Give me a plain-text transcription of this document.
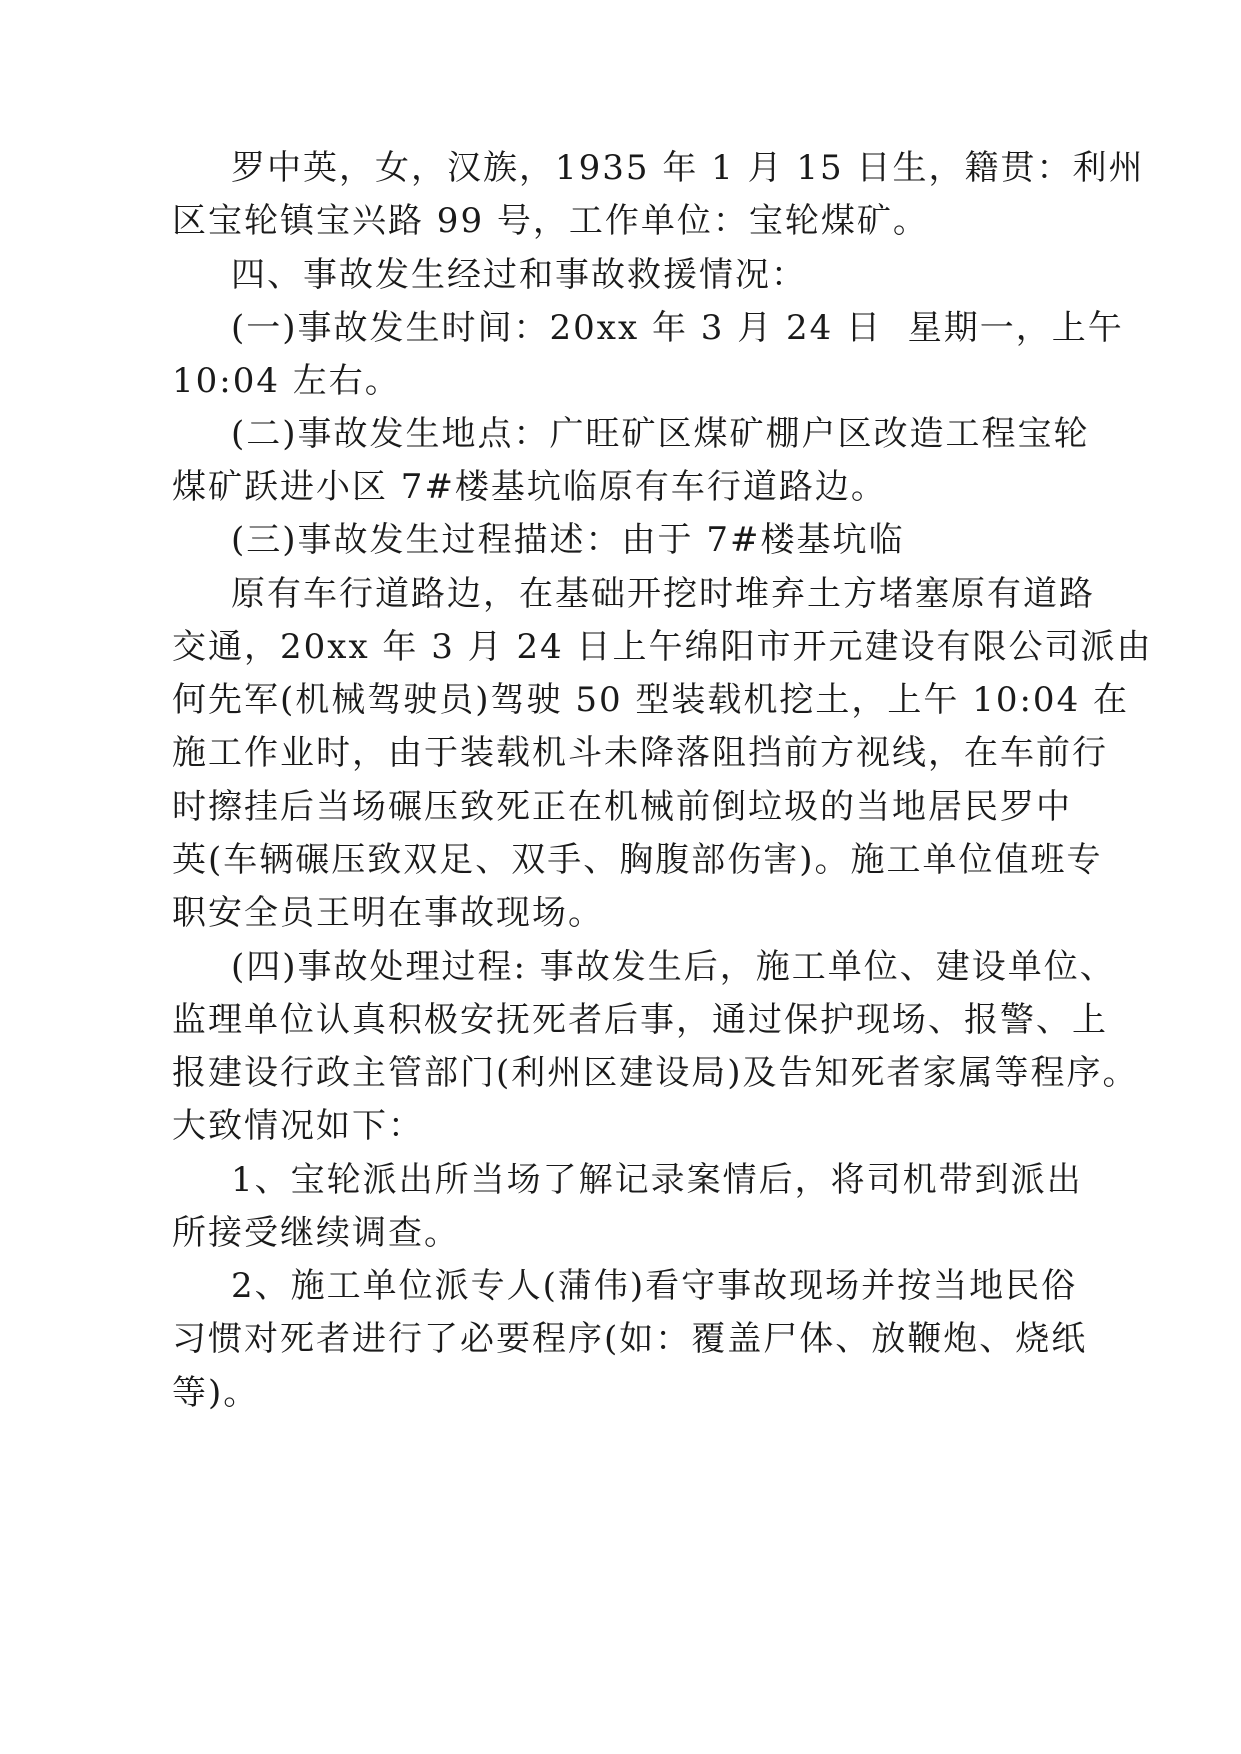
罗中英，女，汉族，1935 年 1 月 15 日生，籍贯：利州
区宝轮镇宝兴路 99 号，工作单位：宝轮煤矿。
四、事故发生经过和事故救援情况：
(一)事故发生时间：20xx 年 3 月 24 日  星期一，上午
10:04 左右。
(二)事故发生地点：广旺矿区煤矿棚户区改造工程宝轮
煤矿跃进小区 7#楼基坑临原有车行道路边。
(三)事故发生过程描述：由于 7#楼基坑临
原有车行道路边，在基础开挖时堆弃土方堵塞原有道路
交通，20xx 年 3 月 24 日上午绵阳市开元建设有限公司派由
何先军(机械驾驶员)驾驶 50 型装载机挖土，上午 10:04 在
施工作业时，由于装载机斗未降落阻挡前方视线，在车前行
时擦挂后当场碾压致死正在机械前倒垃圾的当地居民罗中
英(车辆碾压致双足、双手、胸腹部伤害)。施工单位值班专
职安全员王明在事故现场。
(四)事故处理过程: 事故发生后，施工单位、建设单位、
监理单位认真积极安抚死者后事，通过保护现场、报警、上
报建设行政主管部门(利州区建设局)及告知死者家属等程序。
大致情况如下：
1、宝轮派出所当场了解记录案情后，将司机带到派出
所接受继续调查。
2、施工单位派专人(蒲伟)看守事故现场并按当地民俗
习惯对死者进行了必要程序(如：覆盖尸体、放鞭炮、烧纸
等)。
